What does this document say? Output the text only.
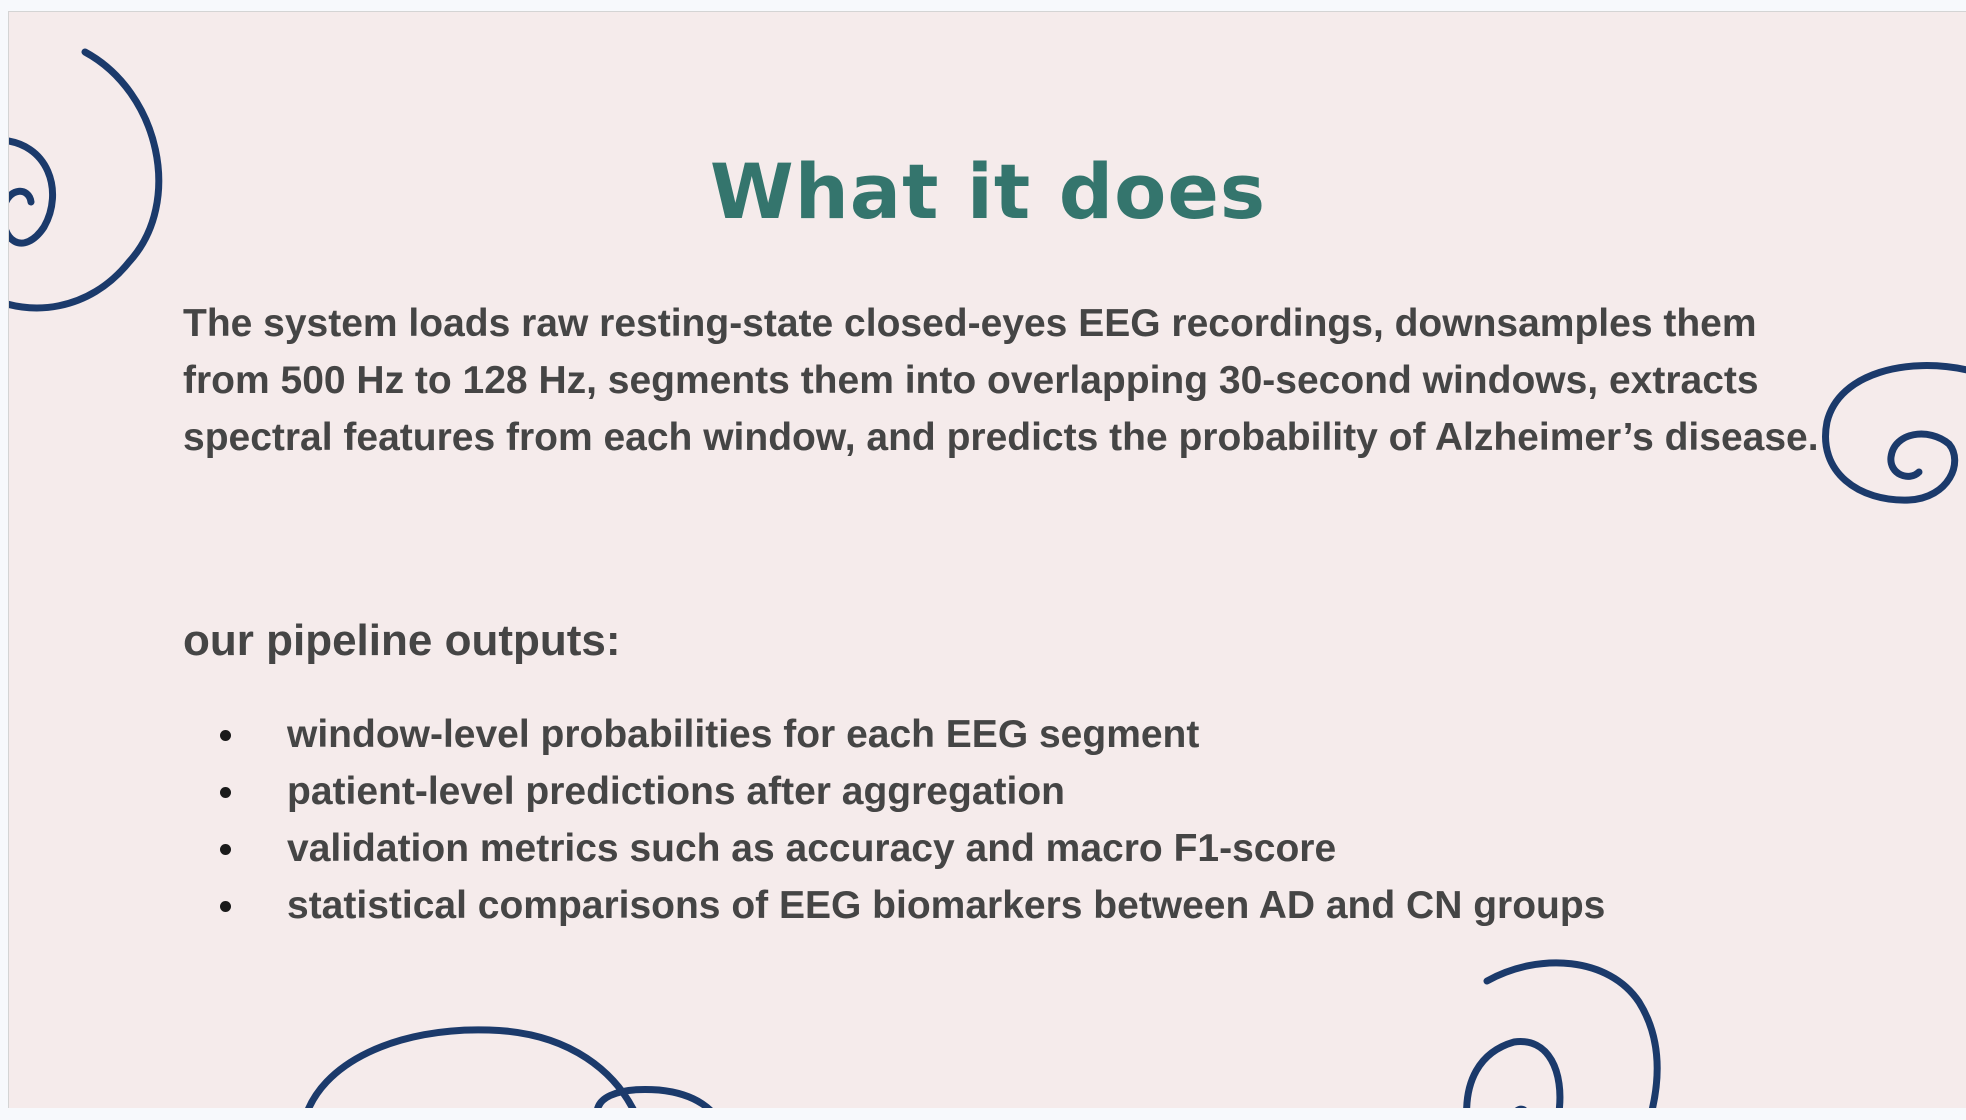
What it does
The system loads raw resting-state closed-eyes EEG recordings, downsamples them from 500 Hz to 128 Hz, segments them into overlapping 30-second windows, extracts spectral features from each window, and predicts the probability of Alzheimer’s disease.
our pipeline outputs:
window-level probabilities for each EEG segment
patient-level predictions after aggregation
validation metrics such as accuracy and macro F1-score
statistical comparisons of EEG biomarkers between AD and CN groups
